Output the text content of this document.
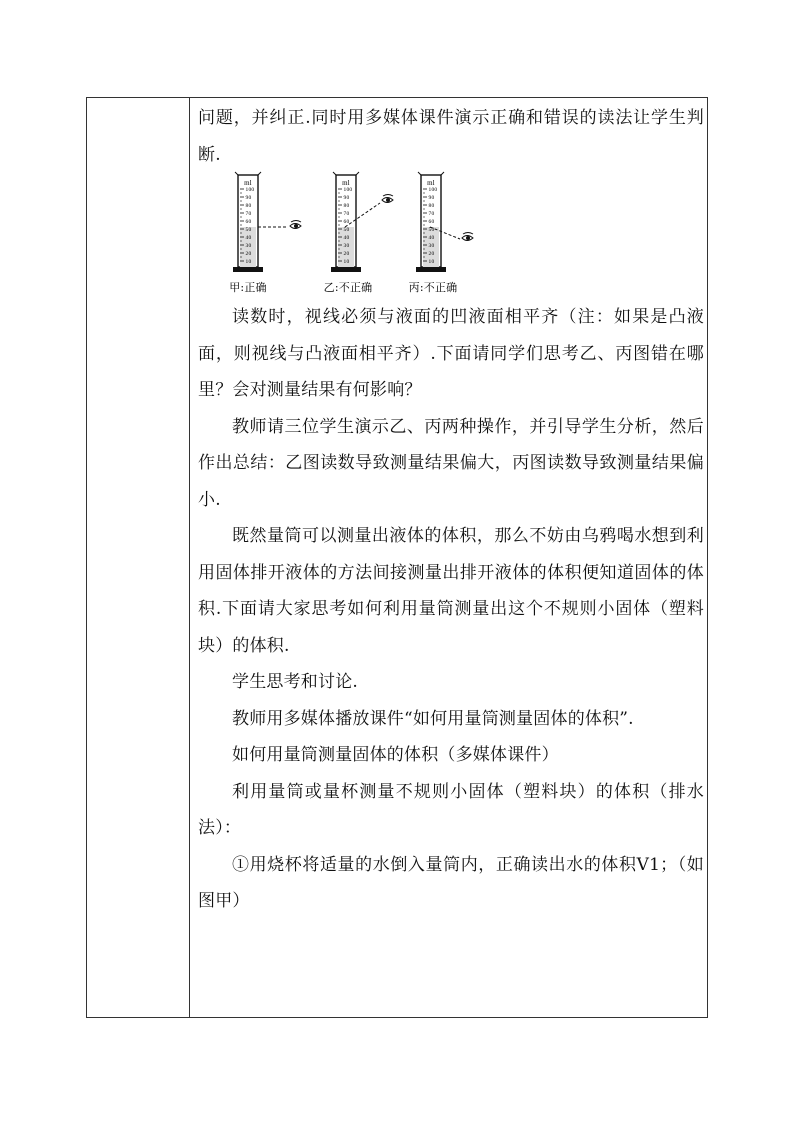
问题，并纠正.同时用多媒体课件演示正确和错误的读法让学生判断.

100
90
80
70
60
50
40
30
20
10
ml
100
90
80
70
60
50
40
30
20
10
ml
100
90
80
70
60
50
40
30
20
10
ml
甲:正确	乙:不正确	丙:不正确

读数时，视线必须与液面的凹液面相平齐（注：如果是凸液面，则视线与凸液面相平齐）.下面请同学们思考乙、丙图错在哪里？会对测量结果有何影响？

教师请三位学生演示乙、丙两种操作，并引导学生分析，然后作出总结：乙图读数导致测量结果偏大，丙图读数导致测量结果偏小.

既然量筒可以测量出液体的体积，那么不妨由乌鸦喝水想到利用固体排开液体的方法间接测量出排开液体的体积便知道固体的体积.下面请大家思考如何利用量筒测量出这个不规则小固体（塑料块）的体积.

学生思考和讨论.

教师用多媒体播放课件“如何用量筒测量固体的体积”.

如何用量筒测量固体的体积（多媒体课件）

利用量筒或量杯测量不规则小固体（塑料块）的体积（排水法）：

①用烧杯将适量的水倒入量筒内，正确读出水的体积V1；（如图甲）
